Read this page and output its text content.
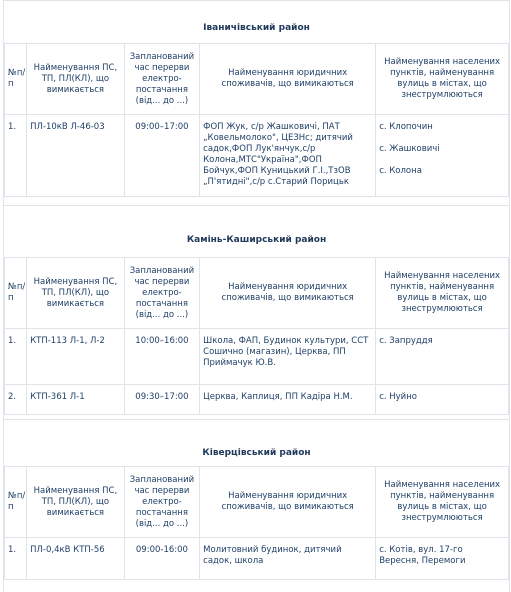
Іваничівський район
№п/п	Найменування ПС, ТП, ПЛ(КЛ), що вимикається	Запланований час перерви електро-постачання (від... до ...)	Найменування юридичних споживачів, що вимикаються	Найменування населених пунктів, найменування вулиць в містах, що знеструмлюються
1.	ПЛ-10кВ Л-46-03	09:00–17:00	ФОП Жук, с/р Жашковичі, ПАТ „Ковельмолоко", ЦЕЗНс; дитячий садок,ФОП Лук'янчук,с/р Колона,МТС"Україна",ФОП Бойчук,ФОП Куницький Г.І.,ТзОВ „П'ятидні",с/р с.Старий Порицьк	с. Клопочин
с. Жашковичі
с. Колона
Камінь-Каширський район
№п/п	Найменування ПС, ТП, ПЛ(КЛ), що вимикається	Запланований час перерви електро-постачання (від... до ...)	Найменування юридичних споживачів, що вимикаються	Найменування населених пунктів, найменування вулиць в містах, що знеструмлюються
1.	КТП-113 Л-1, Л-2	10:00–16:00	Школа, ФАП, Будинок культури, ССТ Сошично (магазин), Церква, ПП Приймачук Ю.В.	с. Запруддя

2.	КТП-361 Л-1	09:30–17:00	Церква, Каплиця, ПП Кадіра Н.М.	с. Нуйно
Ківерцівський район
№п/п	Найменування ПС, ТП, ПЛ(КЛ), що вимикається	Запланований час перерви електро-постачання (від... до ...)	Найменування юридичних споживачів, що вимикаються	Найменування населених пунктів, найменування вулиць в містах, що знеструмлюються
1.	ПЛ-0,4кВ КТП-56	09:00-16:00	Молитовний будинок, дитячий садок, школа	с. Котів, вул. 17-го Вересня, Перемоги
